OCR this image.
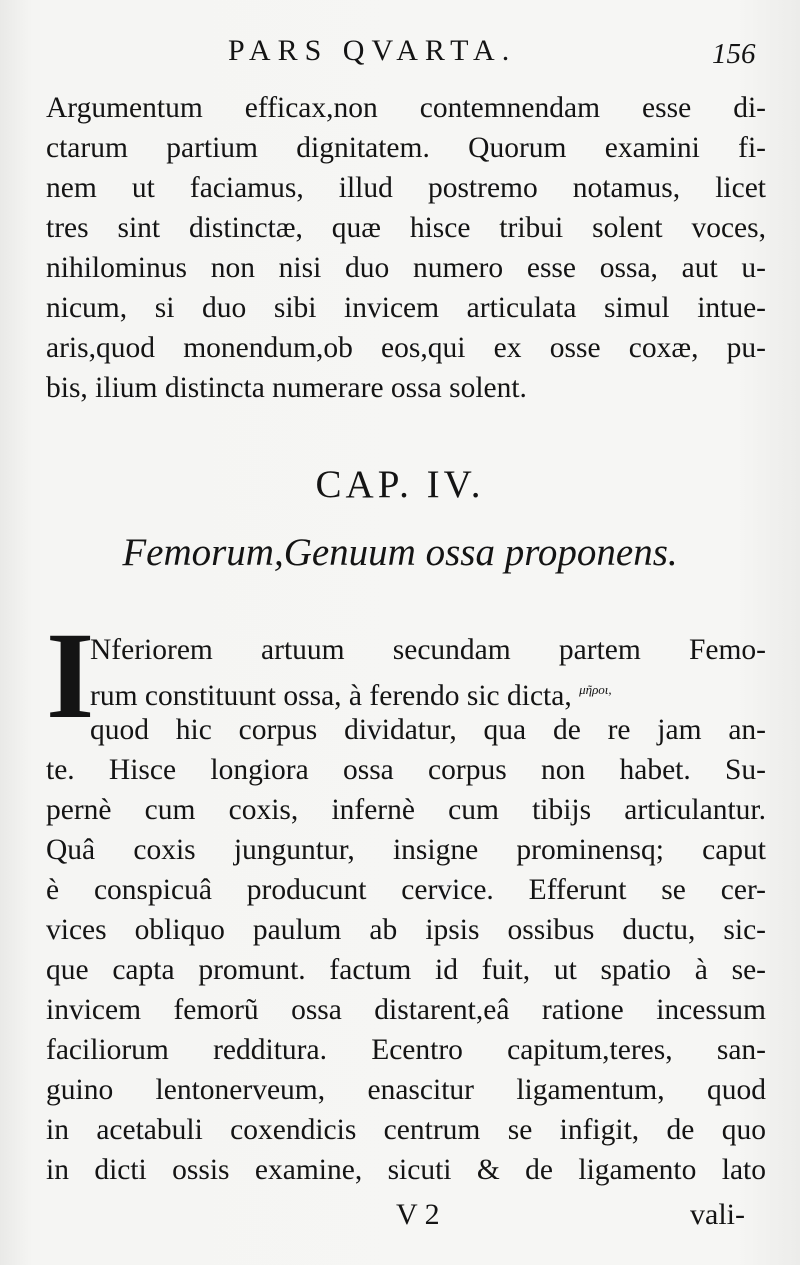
PARS QVARTA.	156
Argumentum efficax,non contemnendam esse di-
ctarum partium dignitatem. Quorum examini fi-
nem ut faciamus, illud postremo notamus, licet
tres sint distinctæ, quæ hisce tribui solent voces,
nihilominus non nisi duo numero esse ossa, aut u-
nicum, si duo sibi invicem articulata simul intue-
aris,quod monendum,ob eos,qui ex osse coxæ, pu-
bis, ilium distincta numerare ossa solent.
CAP. IV.
Femorum,Genuum ossa proponens.
I
Nferiorem artuum secundam partem Femo-
rum constituunt ossa, à ferendo sic dicta, $^{\mu ῆ\rho o\iota,}$
quod hic corpus dividatur, qua de re jam an-
te. Hisce longiora ossa corpus non habet. Su-
pernè cum coxis, infernè cum tibijs articulantur.
Quâ coxis junguntur, insigne prominensq; caput
è conspicuâ producunt cervice. Efferunt se cer-
vices obliquo paulum ab ipsis ossibus ductu, sic-
que capta promunt. factum id fuit, ut spatio à se-
invicem femorũ ossa distarent,eâ ratione incessum
faciliorum redditura. Ecentro capitum,teres, san-
guino lentonerveum, enascitur ligamentum, quod
in acetabuli coxendicis centrum se infigit, de quo
in dicti ossis examine, sicuti & de ligamento lato
V 2	vali-
